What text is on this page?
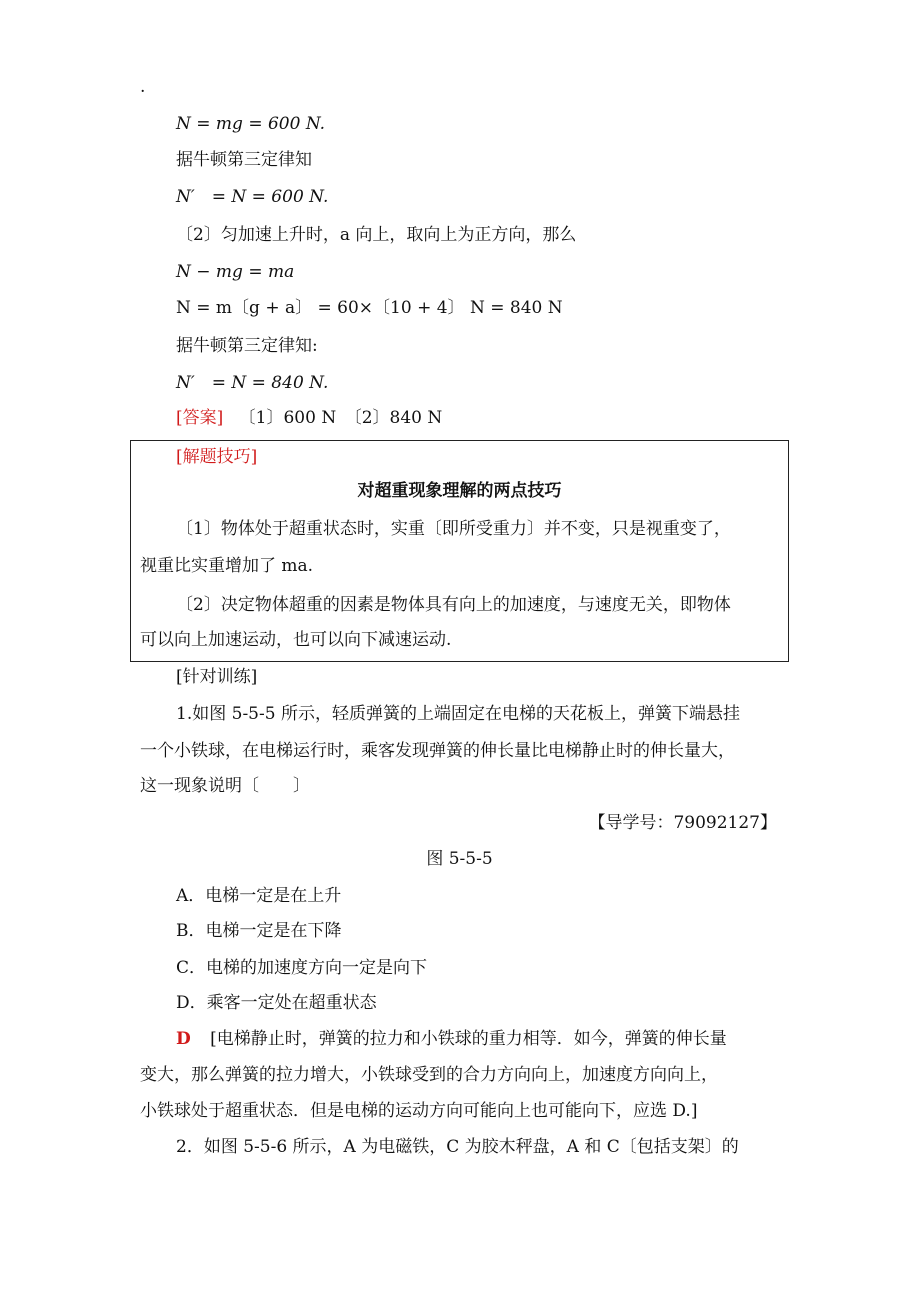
.
N = mg = 600 N.
据牛顿第三定律知
N′　= N = 600 N.
〔2〕匀加速上升时，a 向上，取向上为正方向，那么
N − mg = ma
N = m〔g + a〕 = 60×〔10 + 4〕 N = 840 N
据牛顿第三定律知:
N′　= N = 840 N.
[答案] 〔1〕600 N　〔2〕840 N
[解题技巧]
对超重现象理解的两点技巧
〔1〕物体处于超重状态时，实重〔即所受重力〕并不变，只是视重变了，
视重比实重增加了 ma.
〔2〕决定物体超重的因素是物体具有向上的加速度，与速度无关，即物体
可以向上加速运动，也可以向下减速运动.
[针对训练]
1.如图 5-5-5 所示，轻质弹簧的上端固定在电梯的天花板上，弹簧下端悬挂
一个小铁球，在电梯运行时，乘客发现弹簧的伸长量比电梯静止时的伸长量大，
这一现象说明〔　　〕
【导学号：79092127】
图 5-5-5
A．电梯一定是在上升
B．电梯一定是在下降
C．电梯的加速度方向一定是向下
D．乘客一定处在超重状态
D [电梯静止时，弹簧的拉力和小铁球的重力相等．如今，弹簧的伸长量
变大，那么弹簧的拉力增大，小铁球受到的合力方向向上，加速度方向向上，
小铁球处于超重状态．但是电梯的运动方向可能向上也可能向下，应选 D.]
2．如图 5-5-6 所示，A 为电磁铁，C 为胶木秤盘，A 和 C〔包括支架〕的
